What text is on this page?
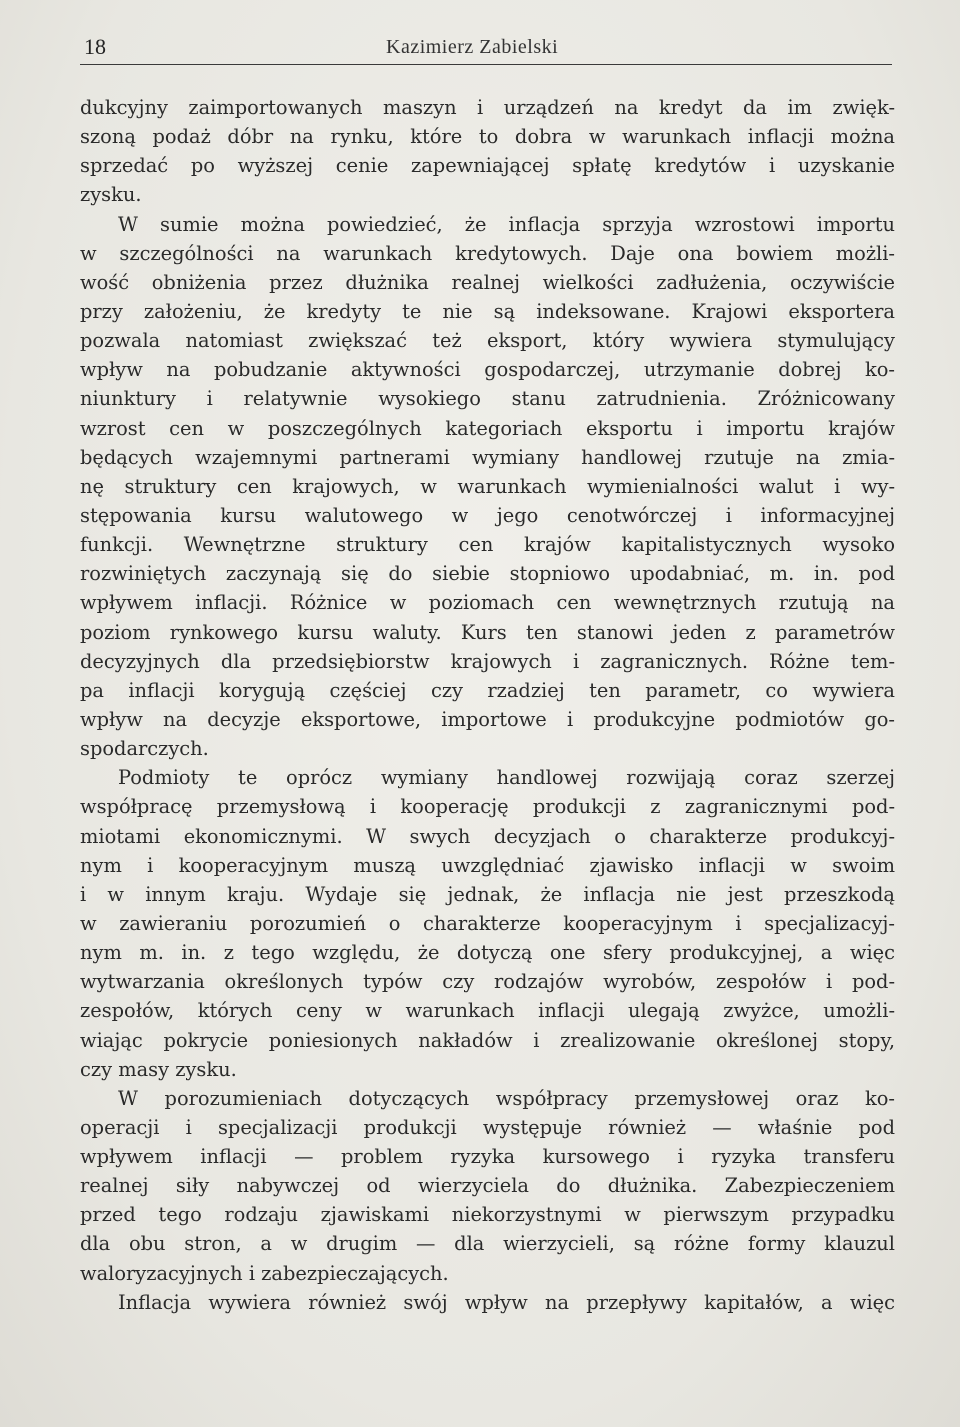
18	Kazimierz Zabielski
dukcyjny zaimportowanych maszyn i urządzeń na kredyt da im zwięk-
szoną podaż dóbr na rynku, które to dobra w warunkach inflacji można
sprzedać po wyższej cenie zapewniającej spłatę kredytów i uzyskanie
zysku.
W sumie można powiedzieć, że inflacja sprzyja wzrostowi importu
w szczególności na warunkach kredytowych. Daje ona bowiem możli-
wość obniżenia przez dłużnika realnej wielkości zadłużenia, oczywiście
przy założeniu, że kredyty te nie są indeksowane. Krajowi eksportera
pozwala natomiast zwiększać też eksport, który wywiera stymulujący
wpływ na pobudzanie aktywności gospodarczej, utrzymanie dobrej ko-
niunktury i relatywnie wysokiego stanu zatrudnienia. Zróżnicowany
wzrost cen w poszczególnych kategoriach eksportu i importu krajów
będących wzajemnymi partnerami wymiany handlowej rzutuje na zmia-
nę struktury cen krajowych, w warunkach wymienialności walut i wy-
stępowania kursu walutowego w jego cenotwórczej i informacyjnej
funkcji. Wewnętrzne struktury cen krajów kapitalistycznych wysoko
rozwiniętych zaczynają się do siebie stopniowo upodabniać, m. in. pod
wpływem inflacji. Różnice w poziomach cen wewnętrznych rzutują na
poziom rynkowego kursu waluty. Kurs ten stanowi jeden z parametrów
decyzyjnych dla przedsiębiorstw krajowych i zagranicznych. Różne tem-
pa inflacji korygują częściej czy rzadziej ten parametr, co wywiera
wpływ na decyzje eksportowe, importowe i produkcyjne podmiotów go-
spodarczych.
Podmioty te oprócz wymiany handlowej rozwijają coraz szerzej
współpracę przemysłową i kooperację produkcji z zagranicznymi pod-
miotami ekonomicznymi. W swych decyzjach o charakterze produkcyj-
nym i kooperacyjnym muszą uwzględniać zjawisko inflacji w swoim
i w innym kraju. Wydaje się jednak, że inflacja nie jest przeszkodą
w zawieraniu porozumień o charakterze kooperacyjnym i specjalizacyj-
nym m. in. z tego względu, że dotyczą one sfery produkcyjnej, a więc
wytwarzania określonych typów czy rodzajów wyrobów, zespołów i pod-
zespołów, których ceny w warunkach inflacji ulegają zwyżce, umożli-
wiając pokrycie poniesionych nakładów i zrealizowanie określonej stopy,
czy masy zysku.
W porozumieniach dotyczących współpracy przemysłowej oraz ko-
operacji i specjalizacji produkcji występuje również — właśnie pod
wpływem inflacji — problem ryzyka kursowego i ryzyka transferu
realnej siły nabywczej od wierzyciela do dłużnika. Zabezpieczeniem
przed tego rodzaju zjawiskami niekorzystnymi w pierwszym przypadku
dla obu stron, a w drugim — dla wierzycieli, są różne formy klauzul
waloryzacyjnych i zabezpieczających.
Inflacja wywiera również swój wpływ na przepływy kapitałów, a więc
